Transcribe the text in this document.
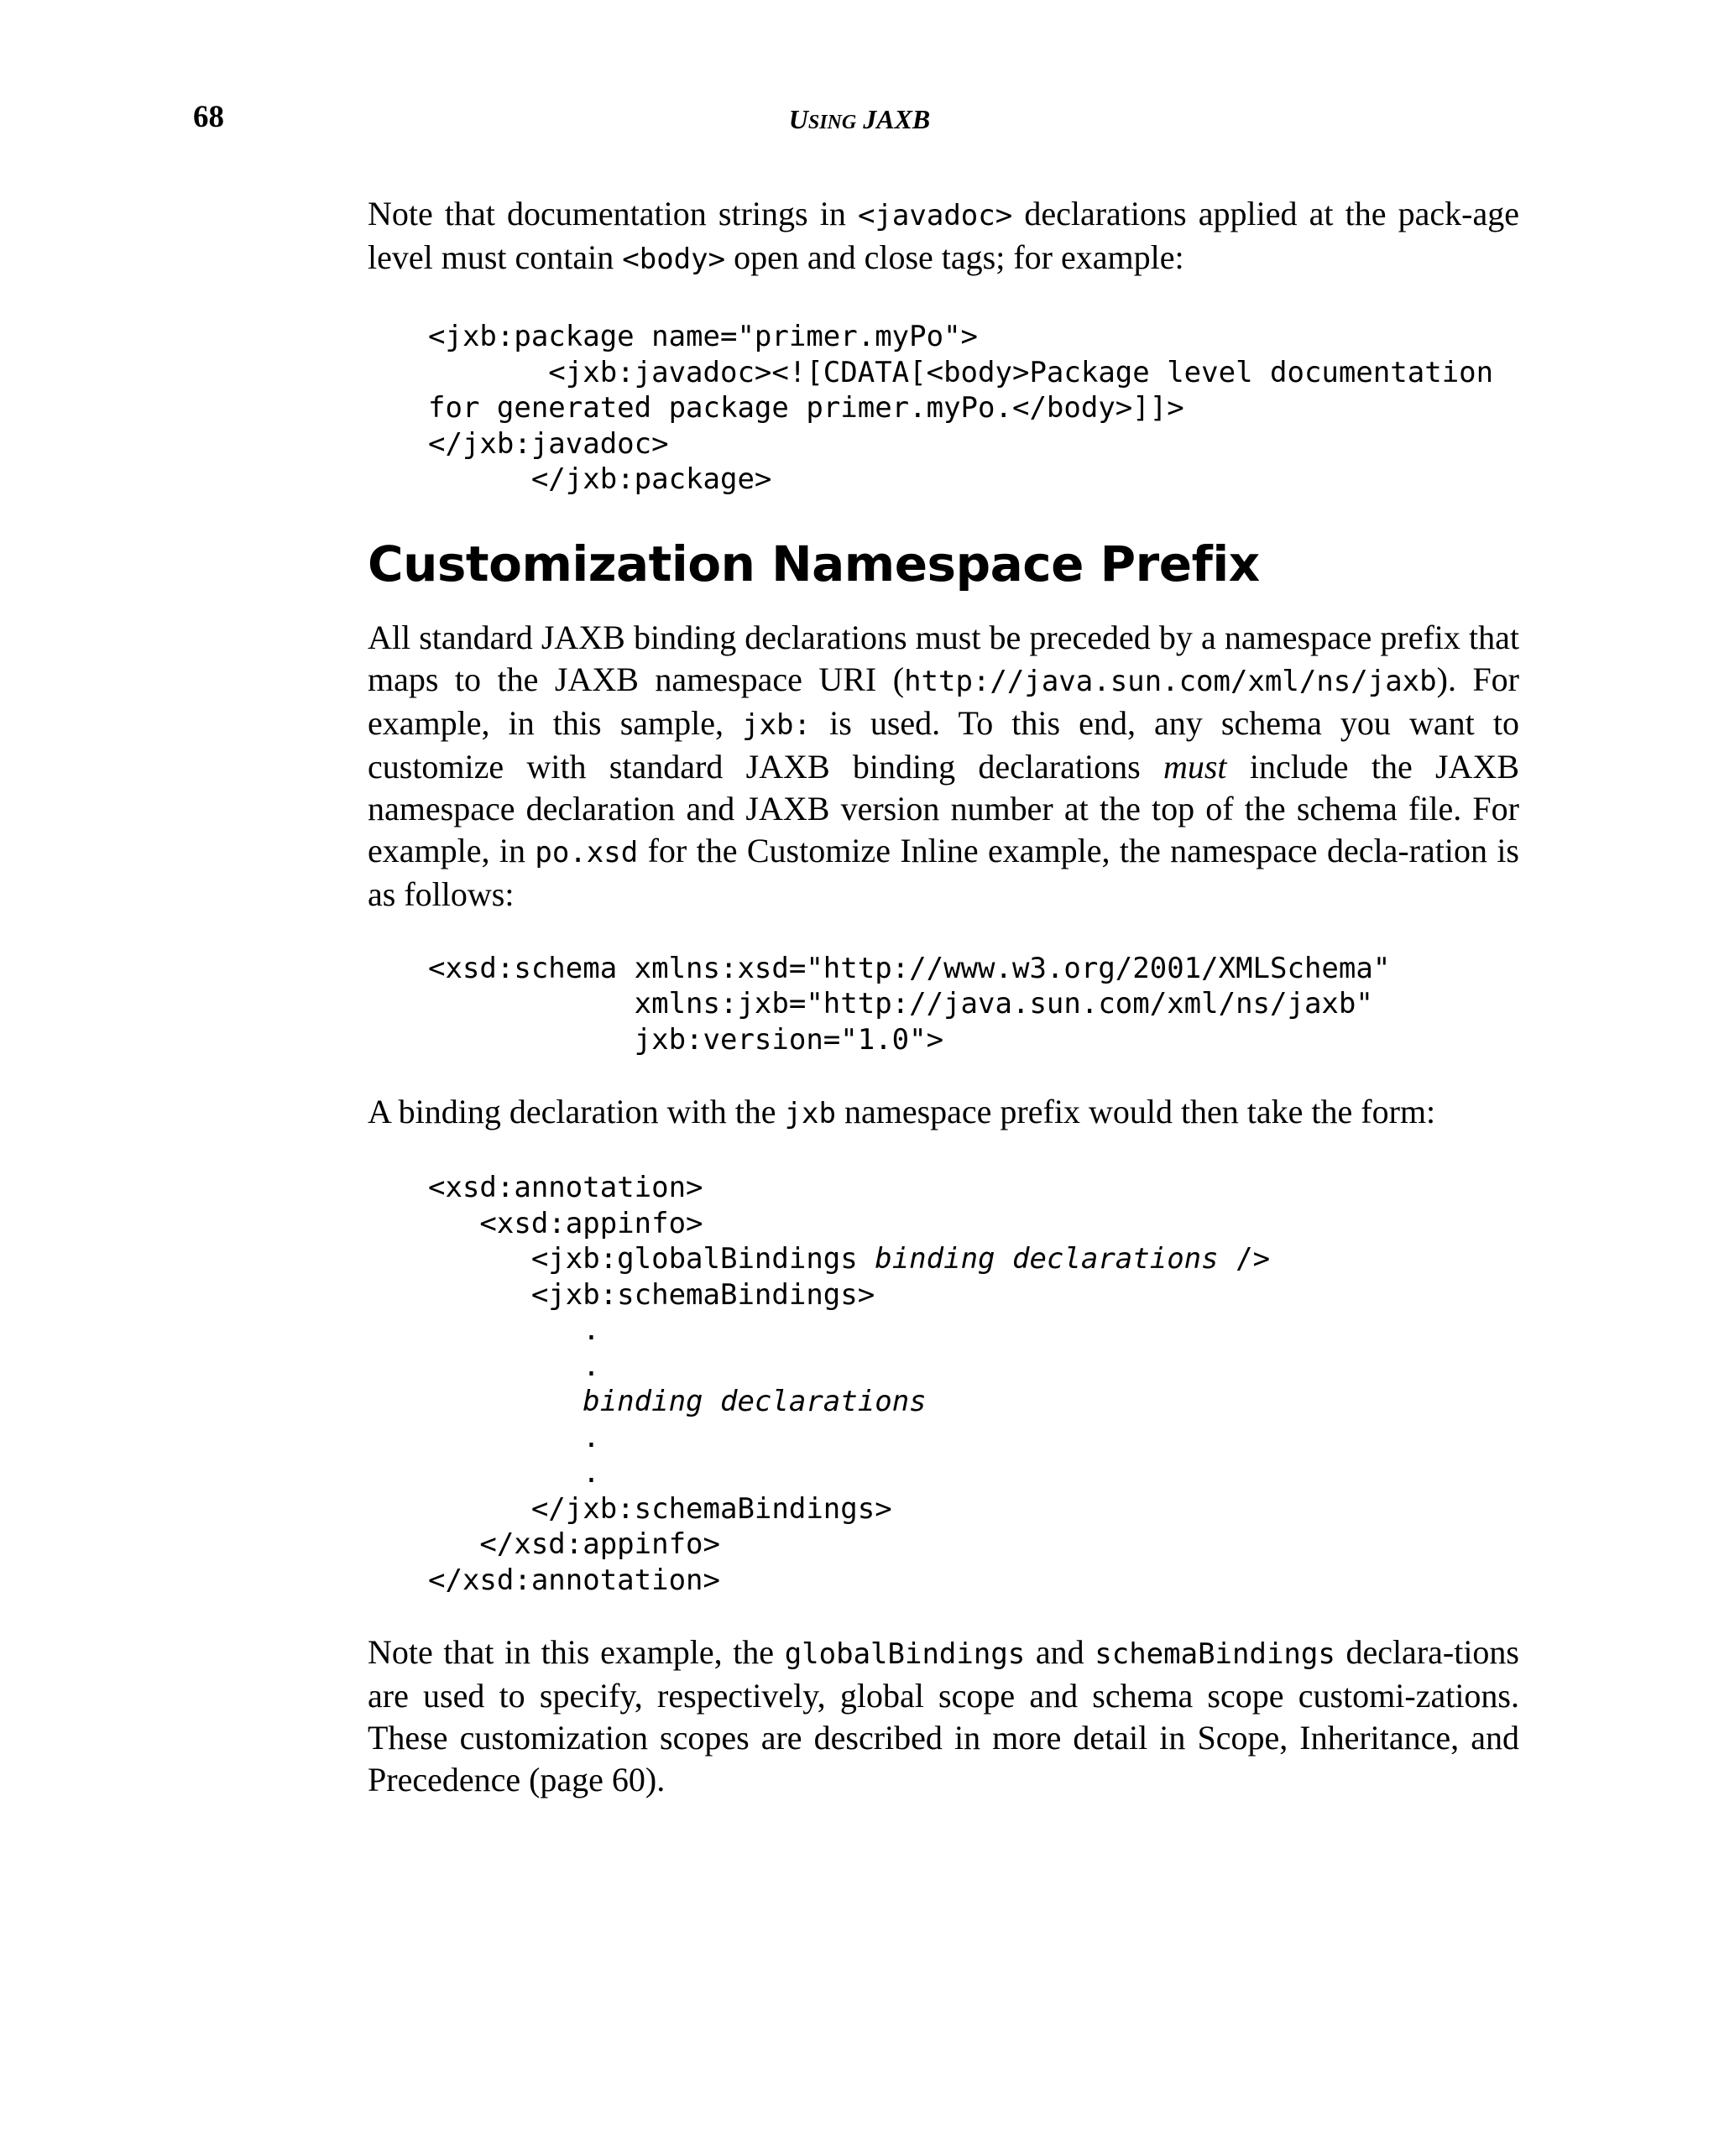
68	USING JAXB

Note that documentation strings in <javadoc> declarations applied at the pack-age level must contain <body> open and close tags; for example:

<jxb:package name="primer.myPo">
<jxb:javadoc><![CDATA[<body>Package level documentation
for generated package primer.myPo.</body>]]>
</jxb:javadoc>
</jxb:package>
Customization Namespace Prefix

All standard JAXB binding declarations must be preceded by a namespace prefix that maps to the JAXB namespace URI (http://java.sun.com/xml/ns/jaxb). For example, in this sample, jxb: is used. To this end, any schema you want to customize with standard JAXB binding declarations must include the JAXB namespace declaration and JAXB version number at the top of the schema file. For example, in po.xsd for the Customize Inline example, the namespace decla-ration is as follows:

<xsd:schema xmlns:xsd="http://www.w3.org/2001/XMLSchema"
xmlns:jxb="http://java.sun.com/xml/ns/jaxb"
jxb:version="1.0">

A binding declaration with the jxb namespace prefix would then take the form:

<xsd:annotation>
<xsd:appinfo>
<jxb:globalBindings binding declarations />
<jxb:schemaBindings>
.
.
binding declarations
.
.
</jxb:schemaBindings>
</xsd:appinfo>
</xsd:annotation>

Note that in this example, the globalBindings and schemaBindings declara-tions are used to specify, respectively, global scope and schema scope customi-zations. These customization scopes are described in more detail in Scope, Inheritance, and Precedence (page 60).
